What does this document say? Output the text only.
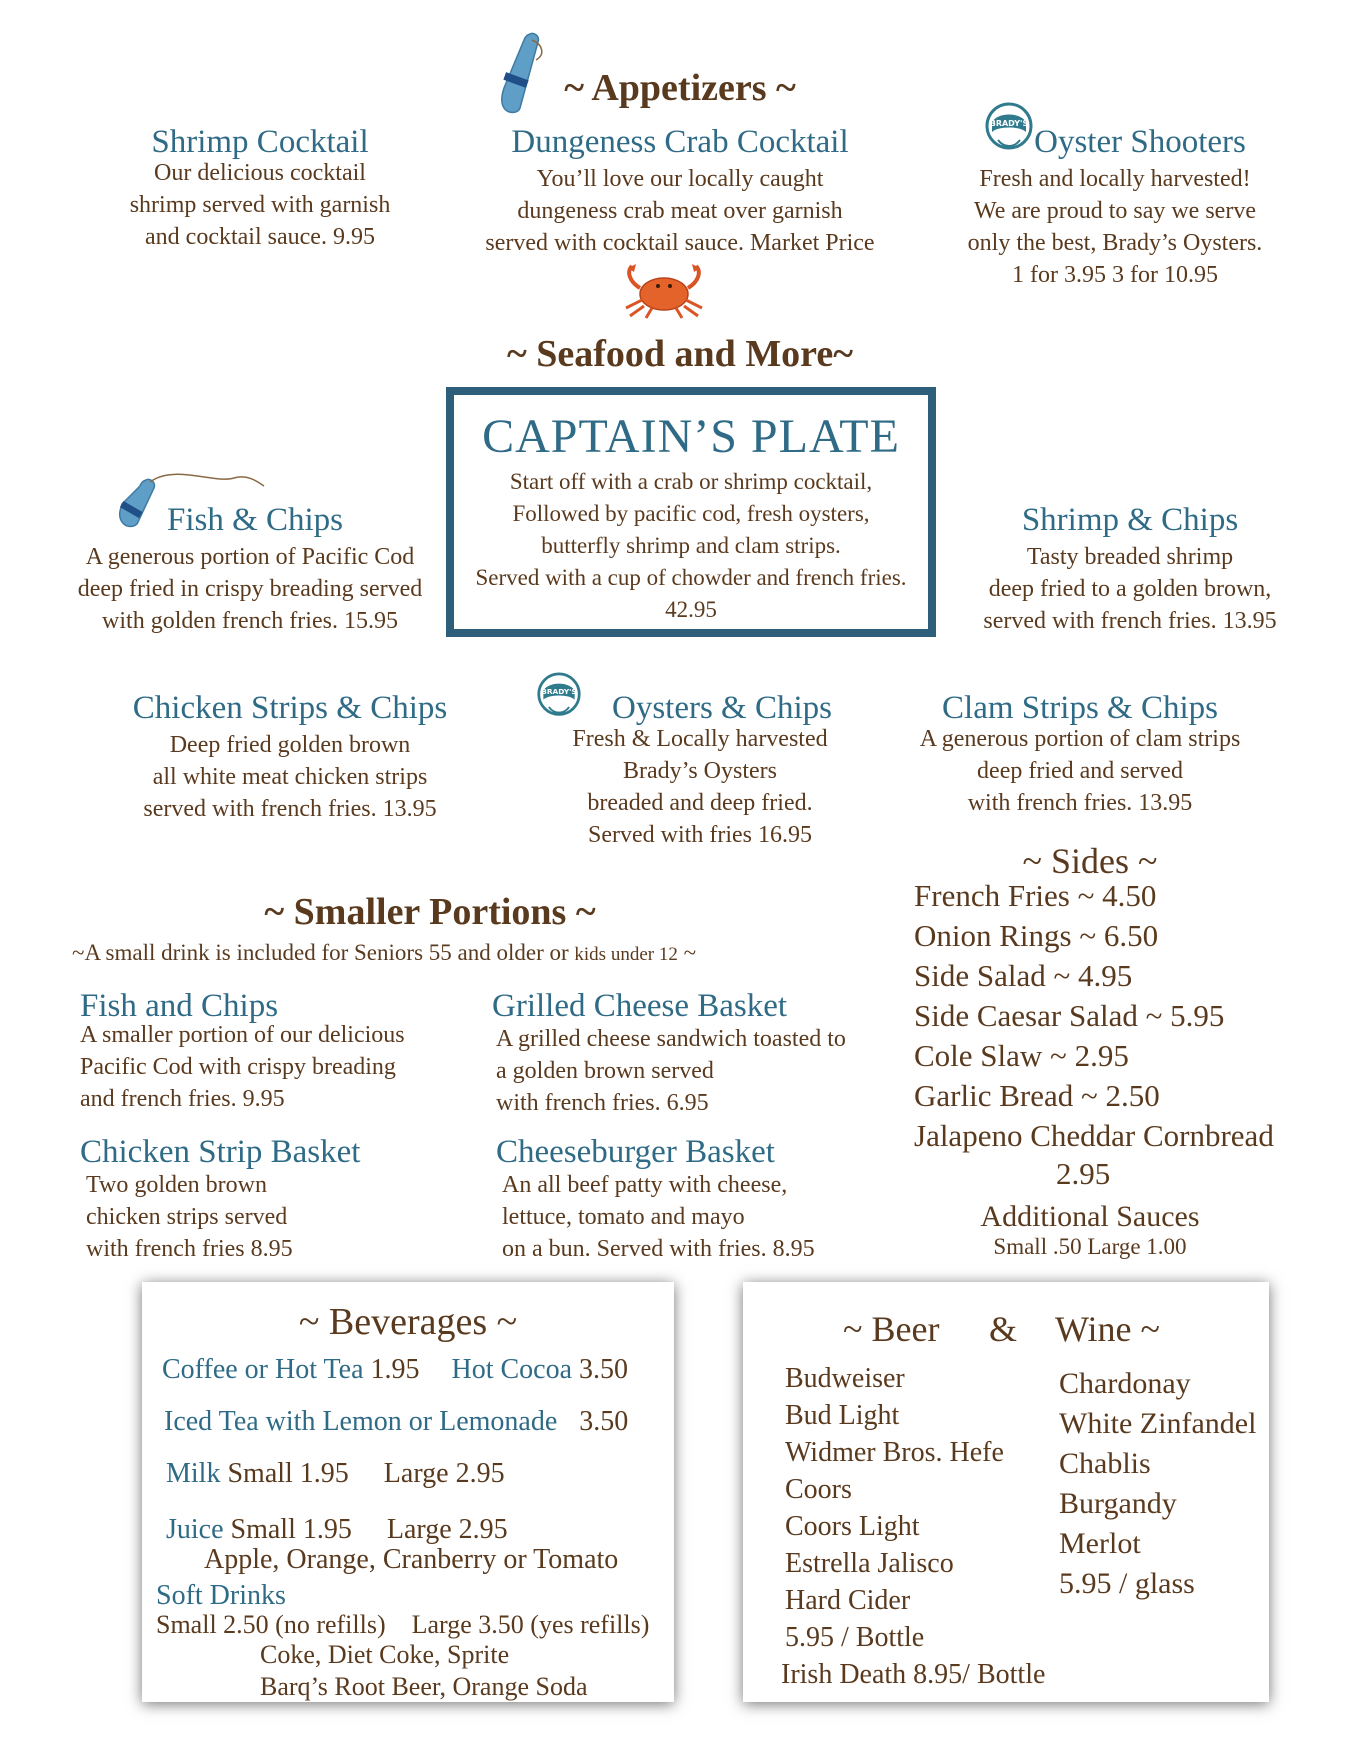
~ Appetizers ~
Shrimp Cocktail
Our delicious cocktail
shrimp served with garnish
and cocktail sauce. 9.95
Dungeness Crab Cocktail
You’ll love our locally caught
dungeness crab meat over garnish
served with cocktail sauce. Market Price
BRADY'S
Oyster Shooters
Fresh and locally harvested!
We are proud to say we serve
only the best, Brady’s Oysters.
1 for 3.95 3 for 10.95
~ Seafood and More~
CAPTAIN’S PLATE
Start off with a crab or shrimp cocktail,
Followed by pacific cod, fresh oysters,
butterfly shrimp and clam strips.
Served with a cup of chowder and french fries.
42.95
Fish & Chips
A generous portion of Pacific Cod
deep fried in crispy breading served
with golden french fries. 15.95
Shrimp & Chips
Tasty breaded shrimp
deep fried to a golden brown,
served with french fries. 13.95
Chicken Strips & Chips
Deep fried golden brown
all white meat chicken strips
served with french fries. 13.95
BRADY'S	Oysters & Chips
Fresh & Locally harvested
Brady’s Oysters
breaded and deep fried.
Served with fries 16.95
Clam Strips & Chips
A generous portion of clam strips
deep fried and served
with french fries. 13.95
~ Smaller Portions ~
~A small drink is included for Seniors 55 and older or kids under 12 ~
Fish and Chips
A smaller portion of our delicious
Pacific Cod with crispy breading
and french fries. 9.95
Grilled Cheese Basket
A grilled cheese sandwich toasted to
a golden brown served
with french fries. 6.95
Chicken Strip Basket
Two golden brown
chicken strips served
with french fries 8.95
Cheeseburger Basket
An all beef patty with cheese,
lettuce, tomato and mayo
on a bun. Served with fries. 8.95
~ Sides ~
French Fries ~ 4.50
Onion Rings ~ 6.50
Side Salad ~ 4.95
Side Caesar Salad ~ 5.95
Cole Slaw ~ 2.95
Garlic Bread ~ 2.50
Jalapeno Cheddar Cornbread
2.95
Additional Sauces
Small .50 Large 1.00
~ Beverages ~
Coffee or Hot Tea 1.95 Hot Cocoa 3.50
Iced Tea with Lemon or Lemonade 3.50
Milk Small 1.95     Large 2.95
Juice Small 1.95     Large 2.95
Apple, Orange, Cranberry or Tomato
Soft Drinks
Small 2.50 (no refills)    Large 3.50 (yes refills)
Coke, Diet Coke, Sprite
Barq’s Root Beer, Orange Soda
~ Beer & Wine ~
Budweiser
Bud Light
Widmer Bros. Hefe
Coors
Coors Light
Estrella Jalisco
Hard Cider
5.95 / Bottle
Irish Death 8.95/ Bottle
Chardonay
White Zinfandel
Chablis
Burgandy
Merlot
5.95 / glass
